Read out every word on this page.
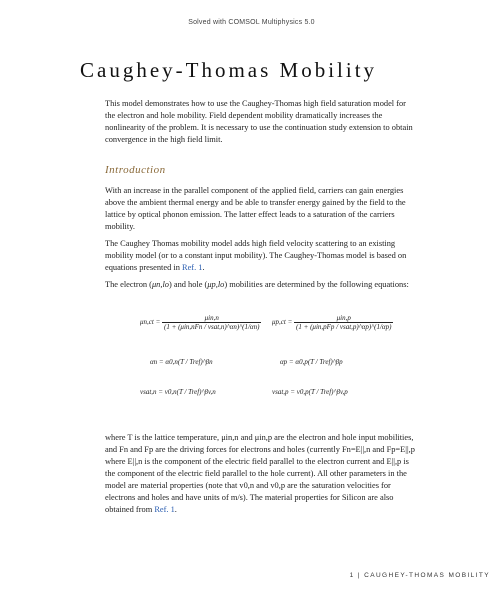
Solved with COMSOL Multiphysics 5.0
Caughey-Thomas Mobility

This model demonstrates how to use the Caughey-Thomas high field saturation model for the electron and hole mobility. Field dependent mobility dramatically increases the nonlinearity of the problem. It is necessary to use the continuation study extension to obtain convergence in the high field limit.

Introduction

With an increase in the parallel component of the applied field, carriers can gain energies above the ambient thermal energy and be able to transfer energy gained by the field to the lattice by optical phonon emission. The latter effect leads to a saturation of the carriers mobility.

The Caughey Thomas mobility model adds high field velocity scattering to an existing mobility model (or to a constant input mobility). The Caughey-Thomas model is based on equations presented in Ref. 1.

The electron (μn,lo) and hole (μp,lo) mobilities are determined by the following equations:

$\mu n,ct = \frac{\text{μin,n}}{\text{(1 + (μin,nFn / vsat,n)\textasciicircum{}αn)\textasciicircum{}(1/αn)}} \mu p,ct = \frac{\text{μin,p}}{\text{(1 + (μin,pFp / vsat,p)\textasciicircum{}αp)\textasciicircum{}(1/αp)}}$
αn = α0,n(T / Tref)^βn	αp = α0,p(T / Tref)^βp
vsat,n = v0,n(T / Tref)^βv,n	vsat,p = v0,p(T / Tref)^βv,p

where T is the lattice temperature, μin,n and μin,p are the electron and hole input mobilities, and Fn and Fp are the driving forces for electrons and holes (currently Fn=E||,n and Fp=E||,p where E||,n is the component of the electric field parallel to the electron current and E||,p is the component of the electric field parallel to the hole current). All other parameters in the model are material properties (note that v0,n and v0,p are the saturation velocities for electrons and holes and have units of m/s). The material properties for Silicon are also obtained from Ref. 1.

1 | CAUGHEY-THOMAS MOBILITY
